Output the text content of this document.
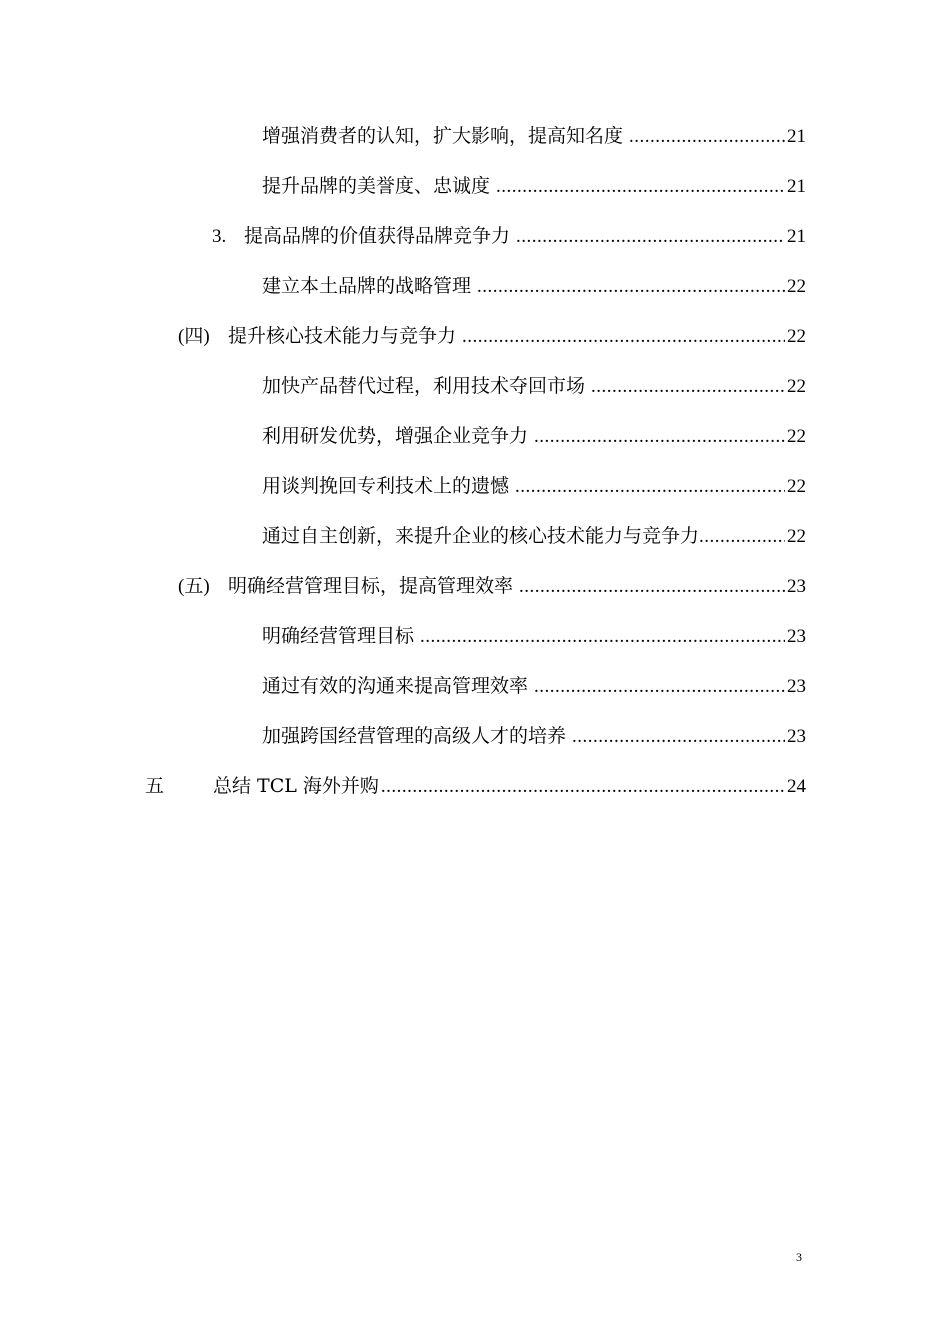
增强消费者的认知，扩大影响，提高知名度 .....	21
提升品牌的美誉度、忠诚度 .....	21
3. 提高品牌的价值获得品牌竞争力 .....	21
建立本土品牌的战略管理 .....	22
(四) 提升核心技术能力与竞争力 .....	22
加快产品替代过程，利用技术夺回市场 .....	22
利用研发优势，增强企业竞争力 .....	22
用谈判挽回专利技术上的遗憾 .....	22
通过自主创新，来提升企业的核心技术能力与竞争力 .....	22
(五) 明确经营管理目标，提高管理效率 .....	23
明确经营管理目标 .....	23
通过有效的沟通来提高管理效率 .....	23
加强跨国经营管理的高级人才的培养 .....	23
五	总结 TCL 海外并购 .....	24
3
